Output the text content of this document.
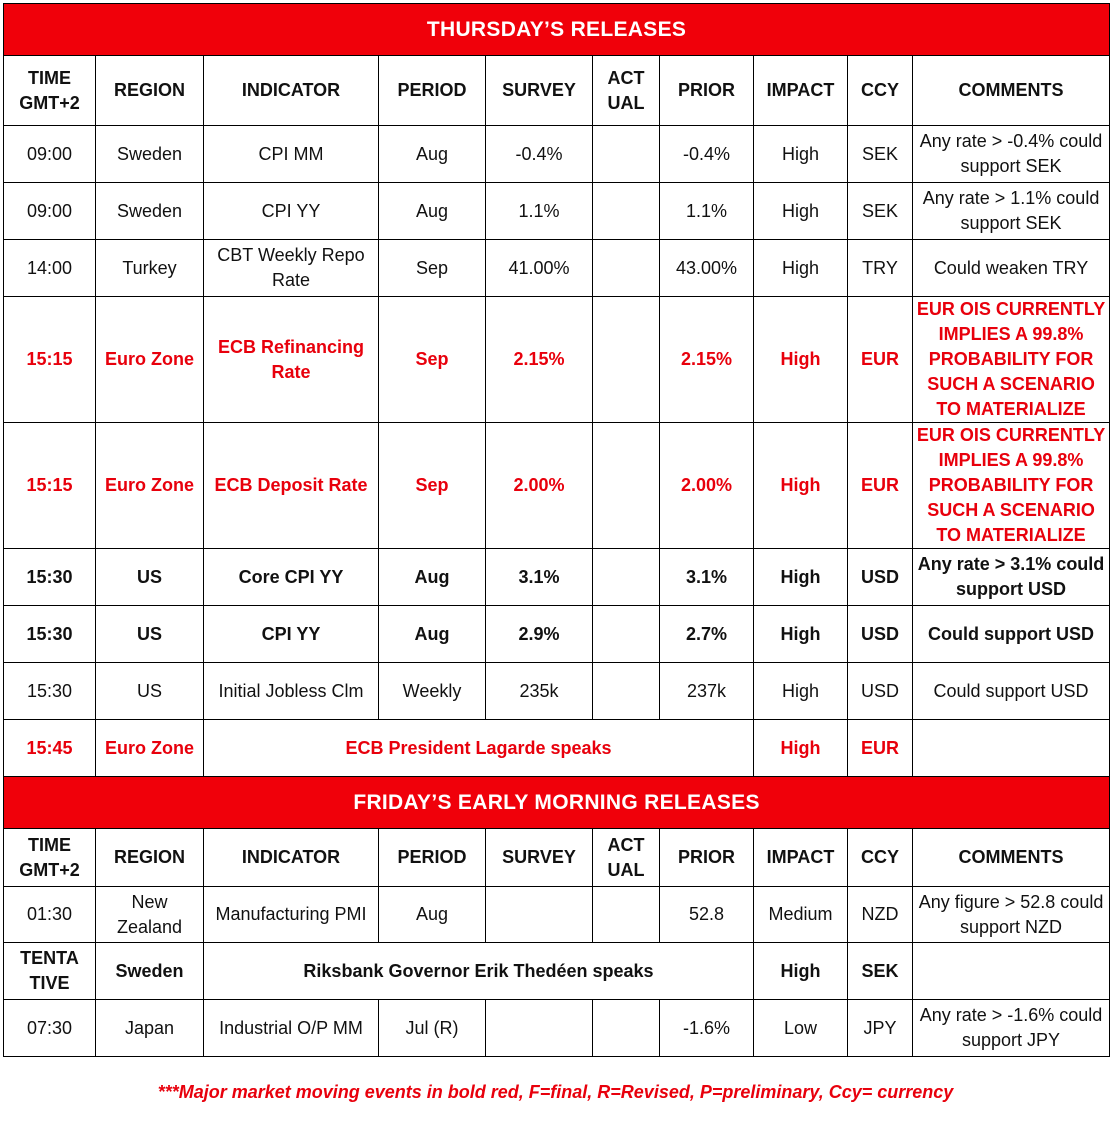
THURSDAY’S RELEASES									
TIME GMT+2	REGION	INDICATOR	PERIOD	SURVEY	ACT UAL	PRIOR	IMPACT	CCY	COMMENTS
09:00	Sweden	CPI MM	Aug	-0.4%		-0.4%	High	SEK	Any rate > -0.4% could support SEK
09:00	Sweden	CPI YY	Aug	1.1%		1.1%	High	SEK	Any rate > 1.1% could support SEK
14:00	Turkey	CBT Weekly Repo Rate	Sep	41.00%		43.00%	High	TRY	Could weaken TRY
15:15	Euro Zone	ECB Refinancing Rate	Sep	2.15%		2.15%	High	EUR	EUR OIS CURRENTLY IMPLIES A 99.8% PROBABILITY FOR SUCH A SCENARIO TO MATERIALIZE
15:15	Euro Zone	ECB Deposit Rate	Sep	2.00%		2.00%	High	EUR	EUR OIS CURRENTLY IMPLIES A 99.8% PROBABILITY FOR SUCH A SCENARIO TO MATERIALIZE
15:30	US	Core CPI YY	Aug	3.1%		3.1%	High	USD	Any rate > 3.1% could support USD
15:30	US	CPI YY	Aug	2.9%		2.7%	High	USD	Could support USD
15:30	US	Initial Jobless Clm	Weekly	235k		237k	High	USD	Could support USD
15:45	Euro Zone	ECB President Lagarde speaks					High	EUR	
FRIDAY’S EARLY MORNING RELEASES									
TIME GMT+2	REGION	INDICATOR	PERIOD	SURVEY	ACT UAL	PRIOR	IMPACT	CCY	COMMENTS
01:30	New Zealand	Manufacturing PMI	Aug			52.8	Medium	NZD	Any figure > 52.8 could support NZD
TENTA TIVE	Sweden	Riksbank Governor Erik Thedéen speaks					High	SEK	
07:30	Japan	Industrial O/P MM	Jul (R)			-1.6%	Low	JPY	Any rate > -1.6% could support JPY
***Major market moving events in bold red, F=final, R=Revised, P=preliminary, Ccy= currency
